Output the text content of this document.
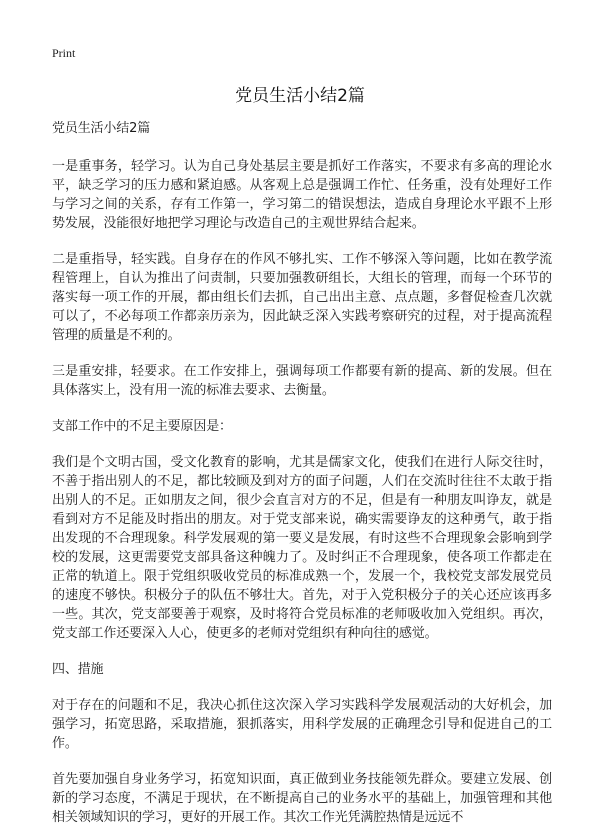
Print
党员生活小结2篇

党员生活小结2篇

一是重事务，轻学习。认为自己身处基层主要是抓好工作落实，不要求有多高的理论水平，缺乏学习的压力感和紧迫感。从客观上总是强调工作忙、任务重，没有处理好工作与学习之间的关系，存有工作第一，学习第二的错误想法，造成自身理论水平跟不上形势发展，没能很好地把学习理论与改造自己的主观世界结合起来。

二是重指导，轻实践。自身存在的作风不够扎实、工作不够深入等问题，比如在教学流程管理上，自认为推出了问责制，只要加强教研组长，大组长的管理，而每一个环节的落实每一项工作的开展，都由组长们去抓，自己出出主意、点点题，多督促检查几次就可以了，不必每项工作都亲历亲为，因此缺乏深入实践考察研究的过程，对于提高流程管理的质量是不利的。

三是重安排，轻要求。在工作安排上，强调每项工作都要有新的提高、新的发展。但在具体落实上，没有用一流的标准去要求、去衡量。

支部工作中的不足主要原因是：

我们是个文明古国，受文化教育的影响，尤其是儒家文化，使我们在进行人际交往时，不善于指出别人的不足，都比较顾及到对方的面子问题，人们在交流时往往不太敢于指出别人的不足。正如朋友之间，很少会直言对方的不足，但是有一种朋友叫诤友，就是看到对方不足能及时指出的朋友。对于党支部来说，确实需要诤友的这种勇气，敢于指出发现的不合理现象。科学发展观的第一要义是发展，有时这些不合理现象会影响到学校的发展，这更需要党支部具备这种魄力了。及时纠正不合理现象，使各项工作都走在正常的轨道上。限于党组织吸收党员的标准成熟一个，发展一个，我校党支部发展党员的速度不够快。积极分子的队伍不够壮大。首先，对于入党积极分子的关心还应该再多一些。其次，党支部要善于观察，及时将符合党员标准的老师吸收加入党组织。再次，党支部工作还要深入人心，使更多的老师对党组织有种向往的感觉。

四、措施

对于存在的问题和不足，我决心抓住这次深入学习实践科学发展观活动的大好机会，加强学习，拓宽思路，采取措施，狠抓落实，用科学发展的正确理念引导和促进自己的工作。

首先要加强自身业务学习，拓宽知识面，真正做到业务技能领先群众。要建立发展、创新的学习态度，不满足于现状，在不断提高自己的业务水平的基础上，加强管理和其他相关领域知识的学习，更好的开展工作。其次工作光凭满腔热情是远远不
